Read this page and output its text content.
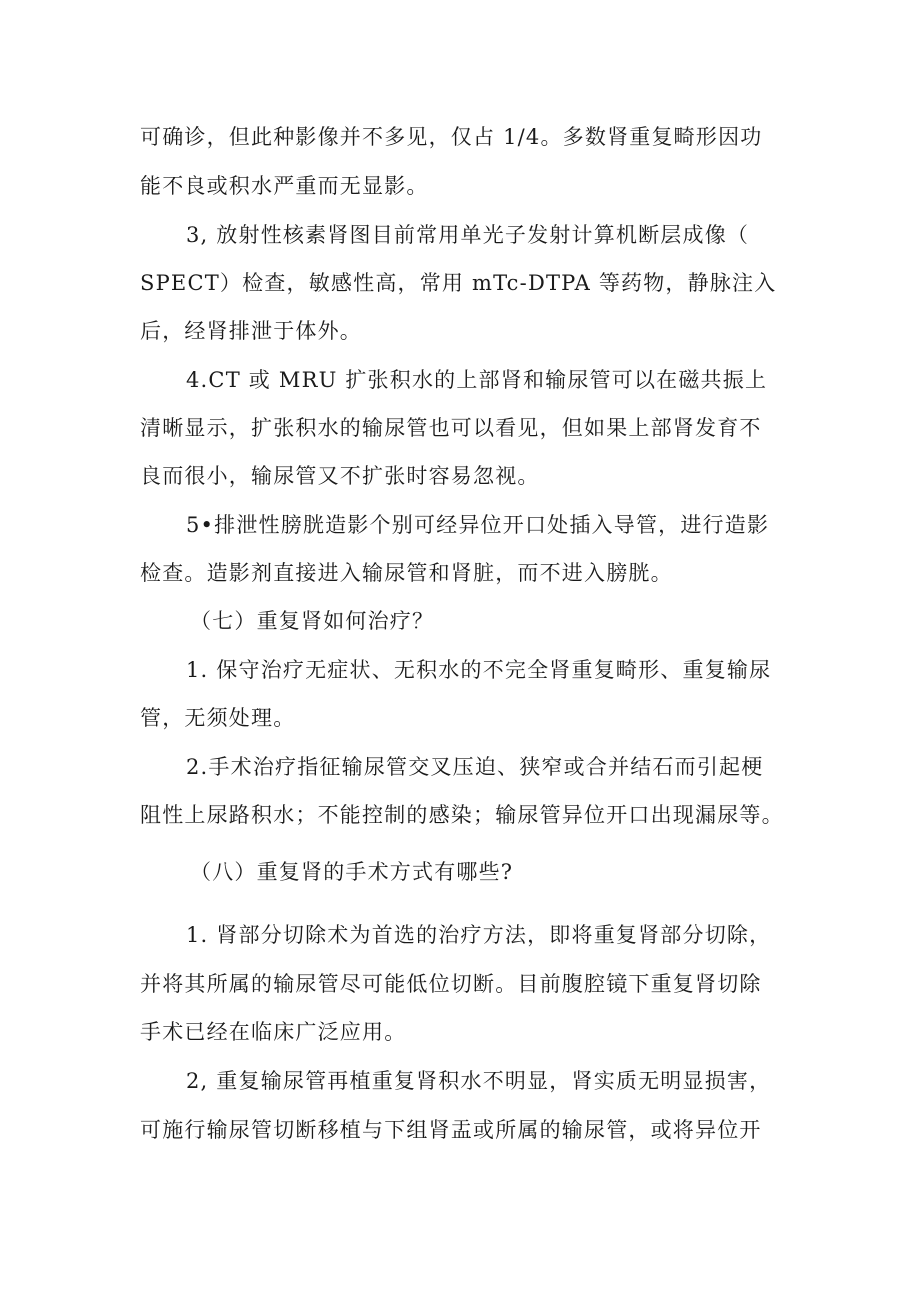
可确诊，但此种影像并不多见，仅占 1/4。多数肾重复畸形因功
能不良或积水严重而无显影。
3, 放射性核素肾图目前常用单光子发射计算机断层成像（
SPECT）检查，敏感性高，常用 mTc-DTPA 等药物，静脉注入
后，经肾排泄于体外。
4.CT 或 MRU 扩张积水的上部肾和输尿管可以在磁共振上
清晰显示，扩张积水的输尿管也可以看见，但如果上部肾发育不
良而很小，输尿管又不扩张时容易忽视。
5•排泄性膀胱造影个别可经异位开口处插入导管，进行造影
检查。造影剂直接进入输尿管和肾脏，而不进入膀胱。
（七）重复肾如何治疗？
1. 保守治疗无症状、无积水的不完全肾重复畸形、重复输尿
管，无须处理。
2.手术治疗指征输尿管交叉压迫、狭窄或合并结石而引起梗
阻性上尿路积水；不能控制的感染；输尿管异位开口出现漏尿等。
（八）重复肾的手术方式有哪些?
1. 肾部分切除术为首选的治疗方法，即将重复肾部分切除，
并将其所属的输尿管尽可能低位切断。目前腹腔镜下重复肾切除
手术已经在临床广泛应用。
2, 重复输尿管再植重复肾积水不明显，肾实质无明显损害，
可施行输尿管切断移植与下组肾盂或所属的输尿管，或将异位开
